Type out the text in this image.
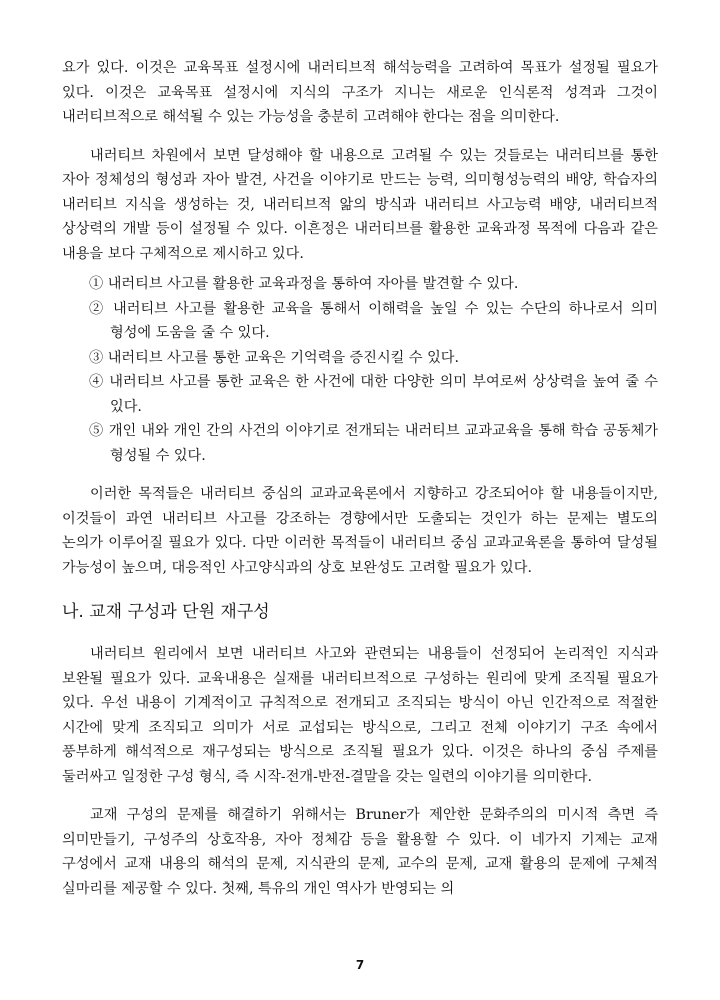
요가 있다. 이것은 교육목표 설정시에 내러티브적 해석능력을 고려하여 목표가 설정될 필요가 있다. 이것은 교육목표 설정시에 지식의 구조가 지니는 새로운 인식론적 성격과 그것이 내러티브적으로 해석될 수 있는 가능성을 충분히 고려해야 한다는 점을 의미한다.

내러티브 차원에서 보면 달성해야 할 내용으로 고려될 수 있는 것들로는 내러티브를 통한 자아 정체성의 형성과 자아 발견, 사건을 이야기로 만드는 능력, 의미형성능력의 배양, 학습자의 내러티브 지식을 생성하는 것, 내러티브적 앎의 방식과 내러티브 사고능력 배양, 내러티브적 상상력의 개발 등이 설정될 수 있다. 이흔정은 내러티브를 활용한 교육과정 목적에 다음과 같은 내용을 보다 구체적으로 제시하고 있다.

① 내러티브 사고를 활용한 교육과정을 통하여 자아를 발견할 수 있다.
② 내러티브 사고를 활용한 교육을 통해서 이해력을 높일 수 있는 수단의 하나로서 의미 형성에 도움을 줄 수 있다.
③ 내러티브 사고를 통한 교육은 기억력을 증진시킬 수 있다.
④ 내러티브 사고를 통한 교육은 한 사건에 대한 다양한 의미 부여로써 상상력을 높여 줄 수 있다.
⑤ 개인 내와 개인 간의 사건의 이야기로 전개되는 내러티브 교과교육을 통해 학습 공동체가 형성될 수 있다.

이러한 목적들은 내러티브 중심의 교과교육론에서 지향하고 강조되어야 할 내용들이지만, 이것들이 과연 내러티브 사고를 강조하는 경향에서만 도출되는 것인가 하는 문제는 별도의 논의가 이루어질 필요가 있다. 다만 이러한 목적들이 내러티브 중심 교과교육론을 통하여 달성될 가능성이 높으며, 대응적인 사고양식과의 상호 보완성도 고려할 필요가 있다.

나. 교재 구성과 단원 재구성

내러티브 원리에서 보면 내러티브 사고와 관련되는 내용들이 선정되어 논리적인 지식과 보완될 필요가 있다. 교육내용은 실재를 내러티브적으로 구성하는 원리에 맞게 조직될 필요가 있다. 우선 내용이 기계적이고 규칙적으로 전개되고 조직되는 방식이 아닌 인간적으로 적절한 시간에 맞게 조직되고 의미가 서로 교섭되는 방식으로, 그리고 전체 이야기기 구조 속에서 풍부하게 해석적으로 재구성되는 방식으로 조직될 필요가 있다. 이것은 하나의 중심 주제를 둘러싸고 일정한 구성 형식, 즉 시작-전개-반전-결말을 갖는 일련의 이야기를 의미한다.

교재 구성의 문제를 해결하기 위해서는 Bruner가 제안한 문화주의의 미시적 측면 즉 의미만들기, 구성주의 상호작용, 자아 정체감 등을 활용할 수 있다. 이 네가지 기제는 교재 구성에서 교재 내용의 해석의 문제, 지식관의 문제, 교수의 문제, 교재 활용의 문제에 구체적 실마리를 제공할 수 있다. 첫째, 특유의 개인 역사가 반영되는 의

7
